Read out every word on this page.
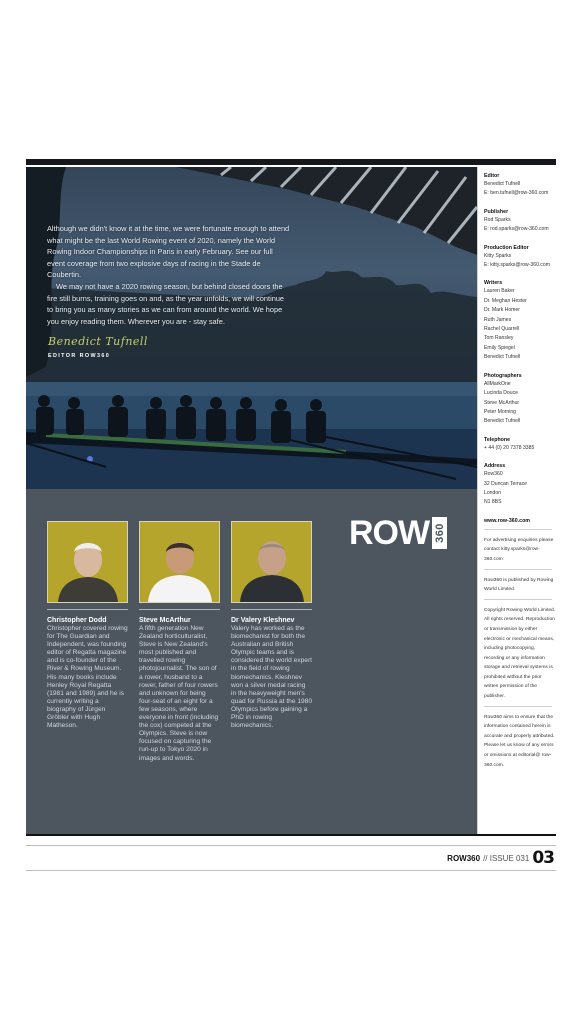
Although we didn't know it at the time, we were fortunate enough to attend what might be the last World Rowing event of 2020, namely the World Rowing Indoor Championships in Paris in early February. See our full event coverage from two explosive days of racing in the Stade de Coubertin.

We may not have a 2020 rowing season, but behind closed doors the fire still burns, training goes on and, as the year unfolds, we will continue to bring you as many stories as we can from around the world. We hope you enjoy reading them. Wherever you are - stay safe.

Benedict Tufnell
EDITOR ROW360
ROW 360
Christopher Dodd
Christopher covered rowing for The Guardian and Independent, was founding editor of Regatta magazine and is co-founder of the River & Rowing Museum. His many books include Henley Royal Regatta (1981 and 1989) and he is currently writing a biography of Jürgen Gröbler with Hugh Matheson.
Steve McArthur
A fifth generation New Zealand horticulturalist, Steve is New Zealand's most published and travelled rowing photojournalist. The son of a rower, husband to a rower, father of four rowers and unknown for being four-seat of an eight for a few seasons, where everyone in front (including the cox) competed at the Olympics. Steve is now focused on capturing the run-up to Tokyo 2020 in images and words.
Dr Valery Kleshnev
Valery has worked as the biomechanist for both the Australian and British Olympic teams and is considered the world expert in the field of rowing biomechanics. Kleshnev won a silver medal racing in the heavyweight men's quad for Russia at the 1980 Olympics before gaining a PhD in rowing biomechanics.
Editor
Benedict Tufnell
E: ben.tufnell@row-360.com
Publisher
Rod Sparks
E: rod.sparks@row-360.com
Production Editor
Kitty Sparks
E: kitty.sparks@row-360.com
Writers
Lauren Baker
Dr. Meghan Hester
Dr. Mark Homer
Ruth James
Rachel Quarrell
Tom Ransley
Emily Spiegel
Benedict Tufnell
Photographers
AllMarkOne
Lucinda Douce
Steve McArthur
Peter Morning
Benedict Tufnell
Telephone
+ 44 (0) 20 7378 3385
Address
Row360
32 Duncan Terrace
London
N1 8BS
www.row-360.com
For advertising enquiries please contact kitty.sparks@row-360.com
Row360 is published by Rowing World Limited.
Copyright Rowing World Limited. All rights reserved. Reproduction or transmission by either electronic or mechanical means, including photocopying, recording or any information storage and retrieval systems is prohibited without the prior written permission of the publisher.
Row360 aims to ensure that the information contained herein is accurate and properly attributed. Please let us know of any errors or omissions at editorial@ row-360.com.
ROW360 // ISSUE 031 03
